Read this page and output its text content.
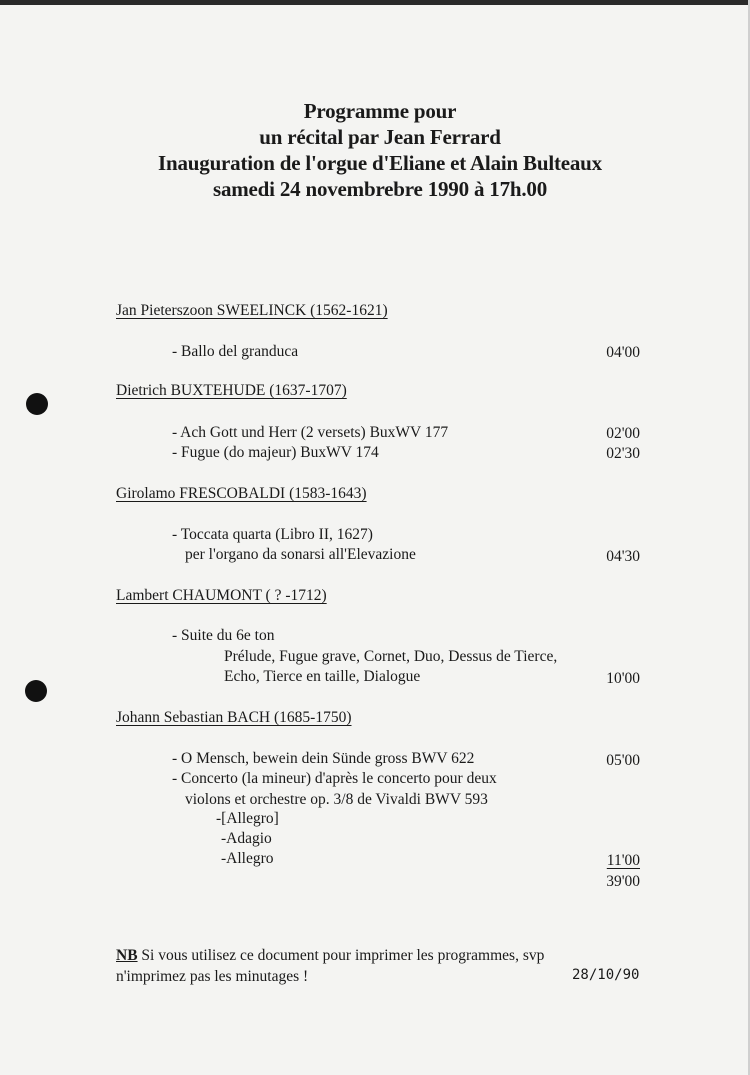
Programme pour
un récital par Jean Ferrard
Inauguration de l'orgue d'Eliane et Alain Bulteaux
samedi 24 novembrebre 1990 à 17h.00
Jan Pieterszoon SWEELINCK (1562-1621)
- Ballo del granduca	04'00
Dietrich BUXTEHUDE (1637-1707)
- Ach Gott und Herr (2 versets) BuxWV 177	02'00
- Fugue (do majeur) BuxWV 174	02'30
Girolamo FRESCOBALDI (1583-1643)
- Toccata quarta (Libro II, 1627)
per l'organo da sonarsi all'Elevazione	04'30
Lambert CHAUMONT ( ? -1712)
- Suite du 6e ton
Prélude, Fugue grave, Cornet, Duo, Dessus de Tierce,
Echo, Tierce en taille, Dialogue	10'00
Johann Sebastian BACH (1685-1750)
- O Mensch, bewein dein Sünde gross BWV 622	05'00
- Concerto (la mineur) d'après le concerto pour deux
violons et orchestre op. 3/8 de Vivaldi BWV 593
-[Allegro]
-Adagio
-Allegro	11'00
39'00
NB Si vous utilisez ce document pour imprimer les programmes, svp
n'imprimez pas les minutages !	28/10/90
